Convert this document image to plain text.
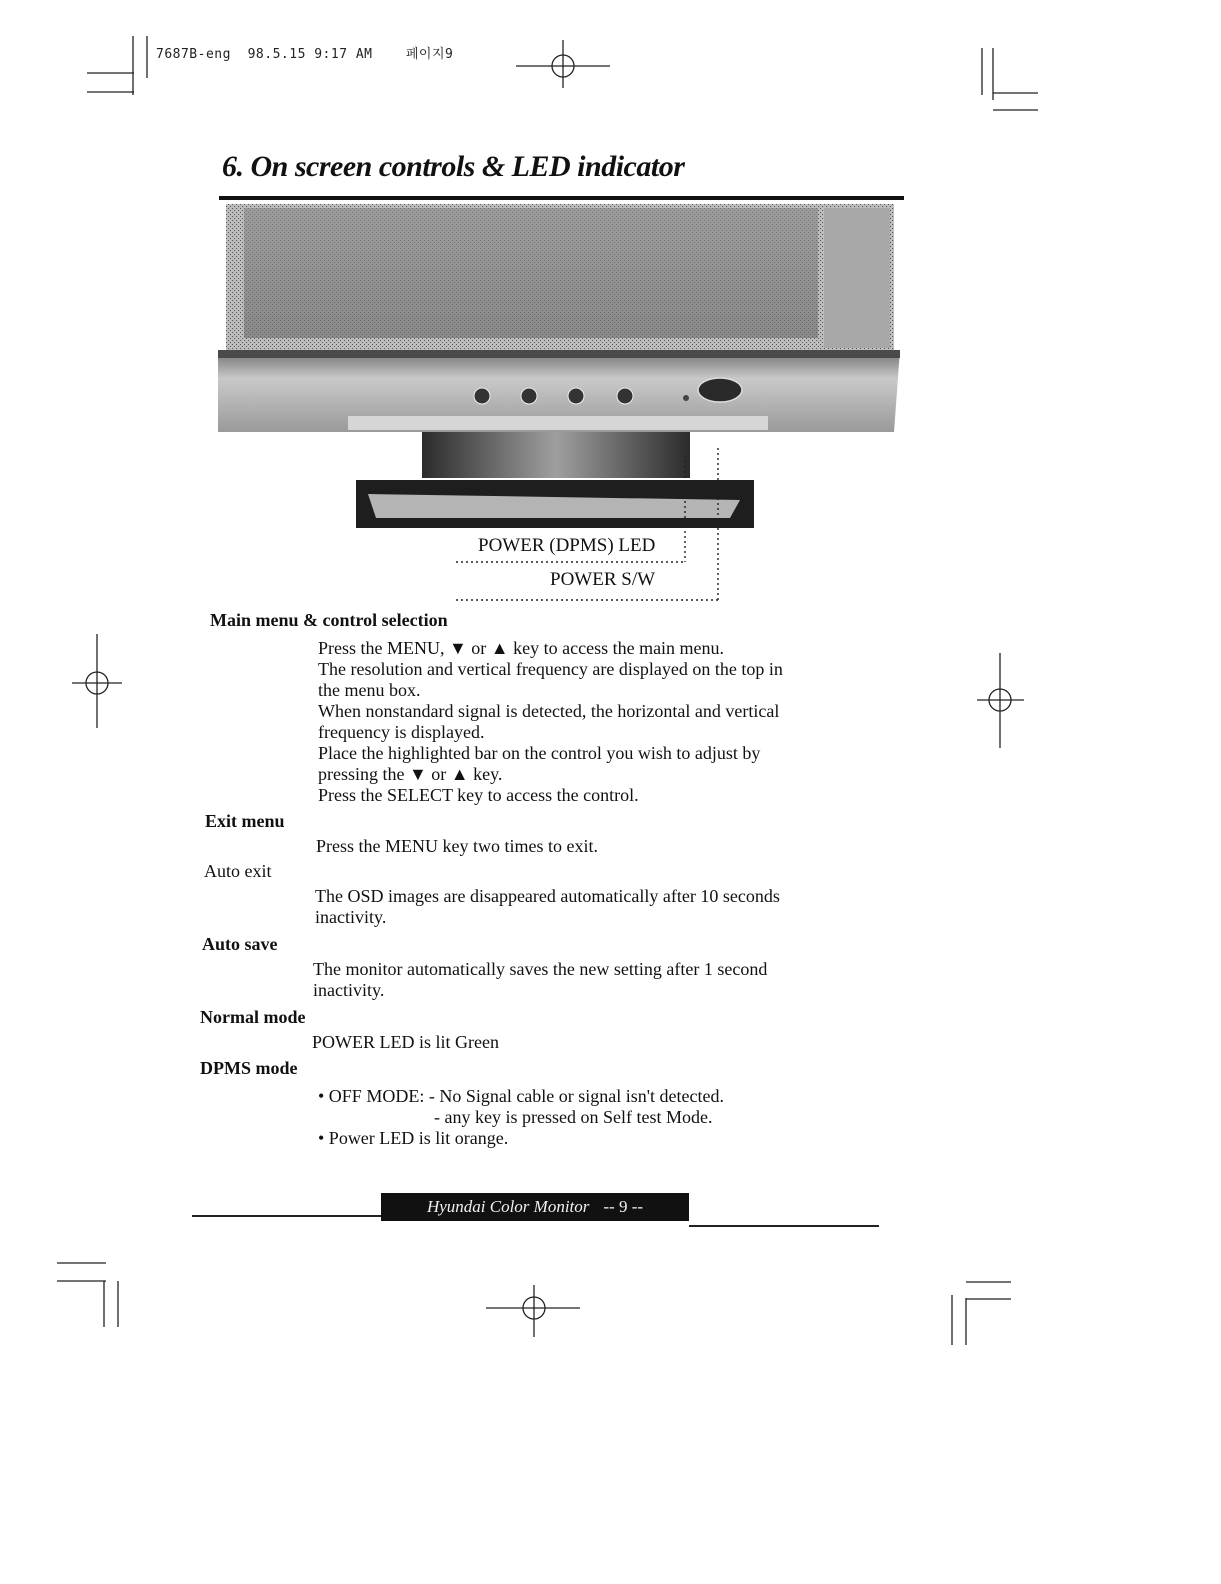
7687B-eng 98.5.15 9:17 AM	페이지9
6. On screen controls & LED indicator
POWER (DPMS) LED
POWER S/W
Main menu & control selection
Press the MENU, ▼ or ▲ key to access the main menu.
The resolution and vertical frequency are displayed on the top in
the menu box.
When nonstandard signal is detected, the horizontal and vertical
frequency is displayed.
Place the highlighted bar on the control you wish to adjust by
pressing the ▼ or ▲ key.
Press the SELECT key to access the control.
Exit menu
Press the MENU key two times to exit.
Auto exit
The OSD images are disappeared automatically after 10 seconds
inactivity.
Auto save
The monitor automatically saves the new setting after 1 second
inactivity.
Normal mode
POWER LED is lit Green
DPMS mode
• OFF MODE: - No Signal cable or signal isn't detected.
- any key is pressed on Self test Mode.
• Power LED is lit orange.
Hyundai Color Monitor -- 9 --
